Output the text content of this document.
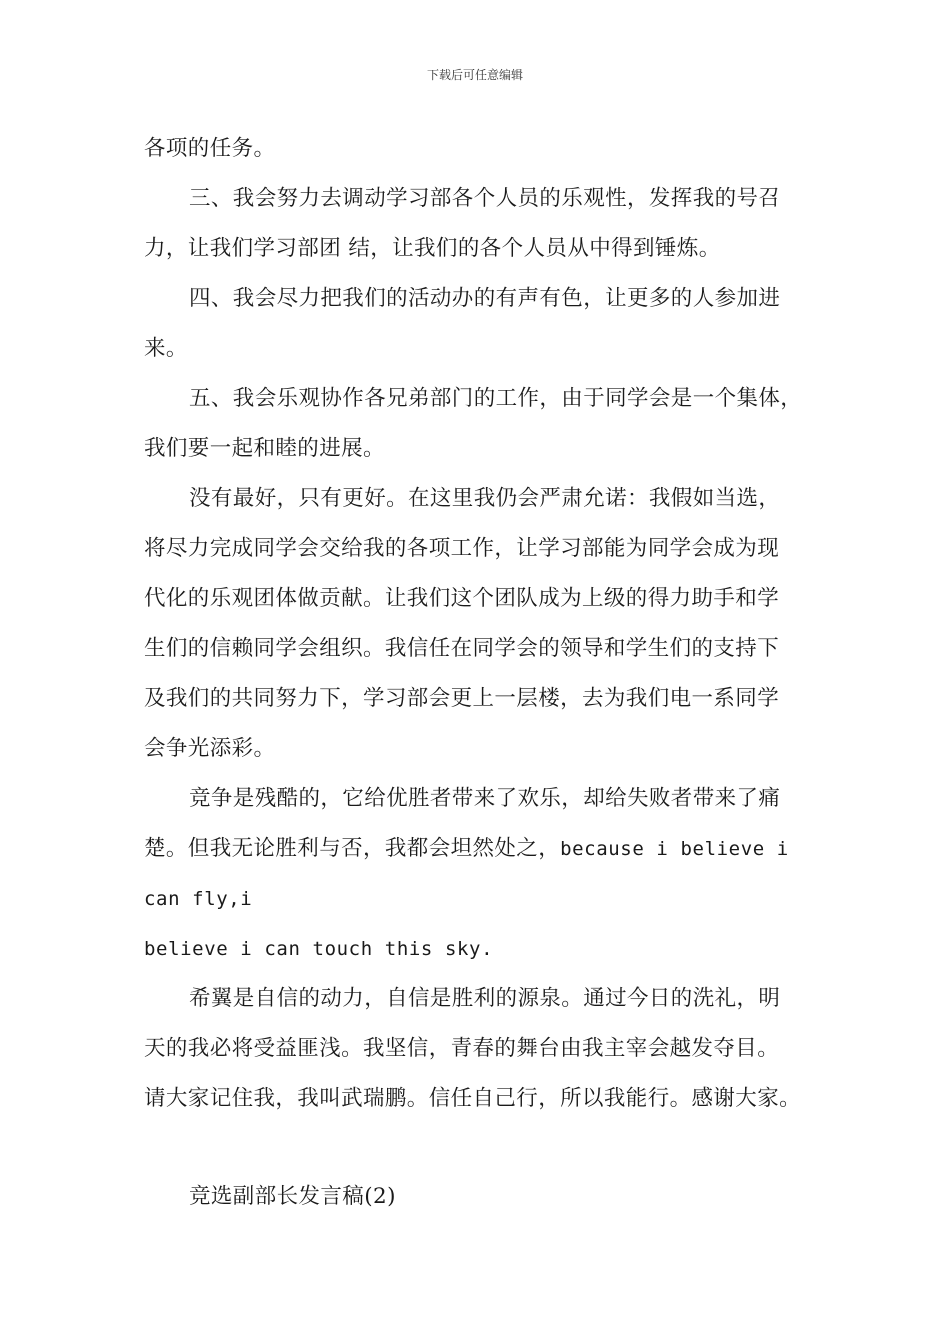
下载后可任意编辑
各项的任务。
三、我会努力去调动学习部各个人员的乐观性，发挥我的号召
力，让我们学习部团 结，让我们的各个人员从中得到锤炼。
四、我会尽力把我们的活动办的有声有色，让更多的人参加进
来。
五、我会乐观协作各兄弟部门的工作，由于同学会是一个集体，
我们要一起和睦的进展。
没有最好，只有更好。在这里我仍会严肃允诺：我假如当选，
将尽力完成同学会交给我的各项工作，让学习部能为同学会成为现
代化的乐观团体做贡献。让我们这个团队成为上级的得力助手和学
生们的信赖同学会组织。我信任在同学会的领导和学生们的支持下
及我们的共同努力下，学习部会更上一层楼，去为我们电一系同学
会争光添彩。
竞争是残酷的，它给优胜者带来了欢乐，却给失败者带来了痛
楚。但我无论胜利与否，我都会坦然处之，because i believe i
can fly,i
believe i can touch this sky.
希翼是自信的动力，自信是胜利的源泉。通过今日的洗礼，明
天的我必将受益匪浅。我坚信，青春的舞台由我主宰会越发夺目。
请大家记住我，我叫武瑞鹏。信任自己行，所以我能行。感谢大家。
竞选副部长发言稿(2)
